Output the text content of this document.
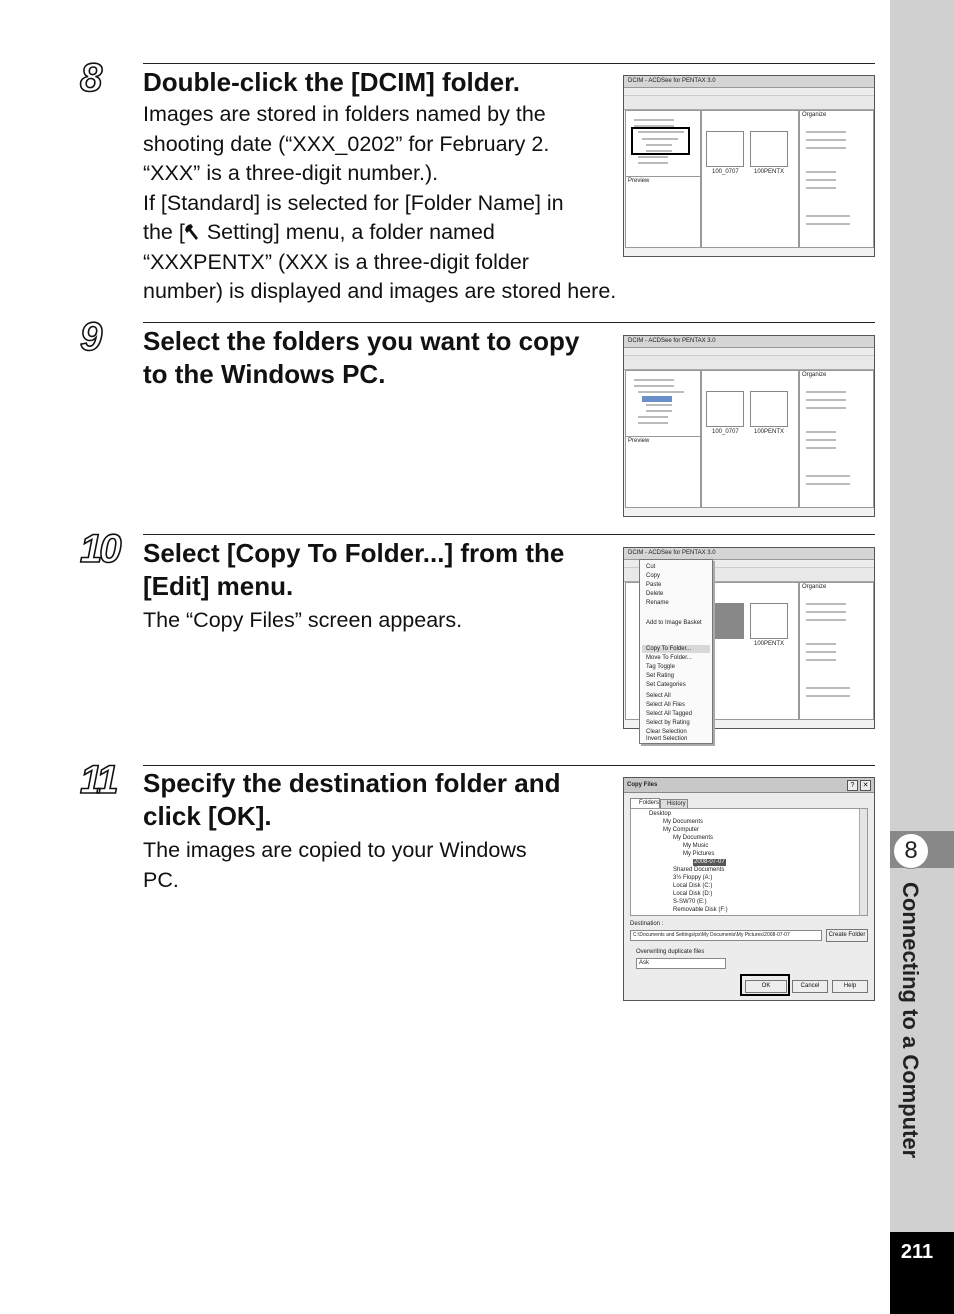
8 Double-click the [DCIM] folder.
Images are stored in folders named by the
shooting date (“XXX_0202” for February 2.
“XXX” is a three-digit number.).
If [Standard] is selected for [Folder Name] in
the [ Setting] menu, a folder named
“XXXPENTX” (XXX is a three-digit folder
number) is displayed and images are stored here.
DCIM - ACDSee for PENTAX 3.0
Preview
100_0707	100PENTX
Organize
9 Select the folders you want to copy
to the Windows PC.
DCIM - ACDSee for PENTAX 3.0
Preview
100_0707	100PENTX
Organize
10 Select [Copy To Folder...] from the
[Edit] menu.
The “Copy Files” screen appears.
DCIM - ACDSee for PENTAX 3.0
100PENTX
Organize
Cut
Copy
Paste
Delete
Rename
Add to Image Basket
Copy To Folder...
Move To Folder...
Tag Toggle
Set Rating
Set Categories
Select All
Select All Files
Select All Tagged
Select by Rating
Clear Selection
Invert Selection
11 Specify the destination folder and
click [OK].
The images are copied to your Windows
PC.
Copy Files	?	✕
Folders History
Desktop
My Documents
My Computer
My Documents
My Music
My Pictures
2008-07-07
Shared Documents
3½ Floppy (A:)
Local Disk (C:)
Local Disk (D:)
S-SW70 (E:)
Removable Disk (F:)
Destination :
C:\Documents and Settings\ps\My Documents\My Pictures\2008-07-07	Create Folder
Overwriting duplicate files
Ask
OK	Cancel	Help
8
Connecting to a Computer
211
